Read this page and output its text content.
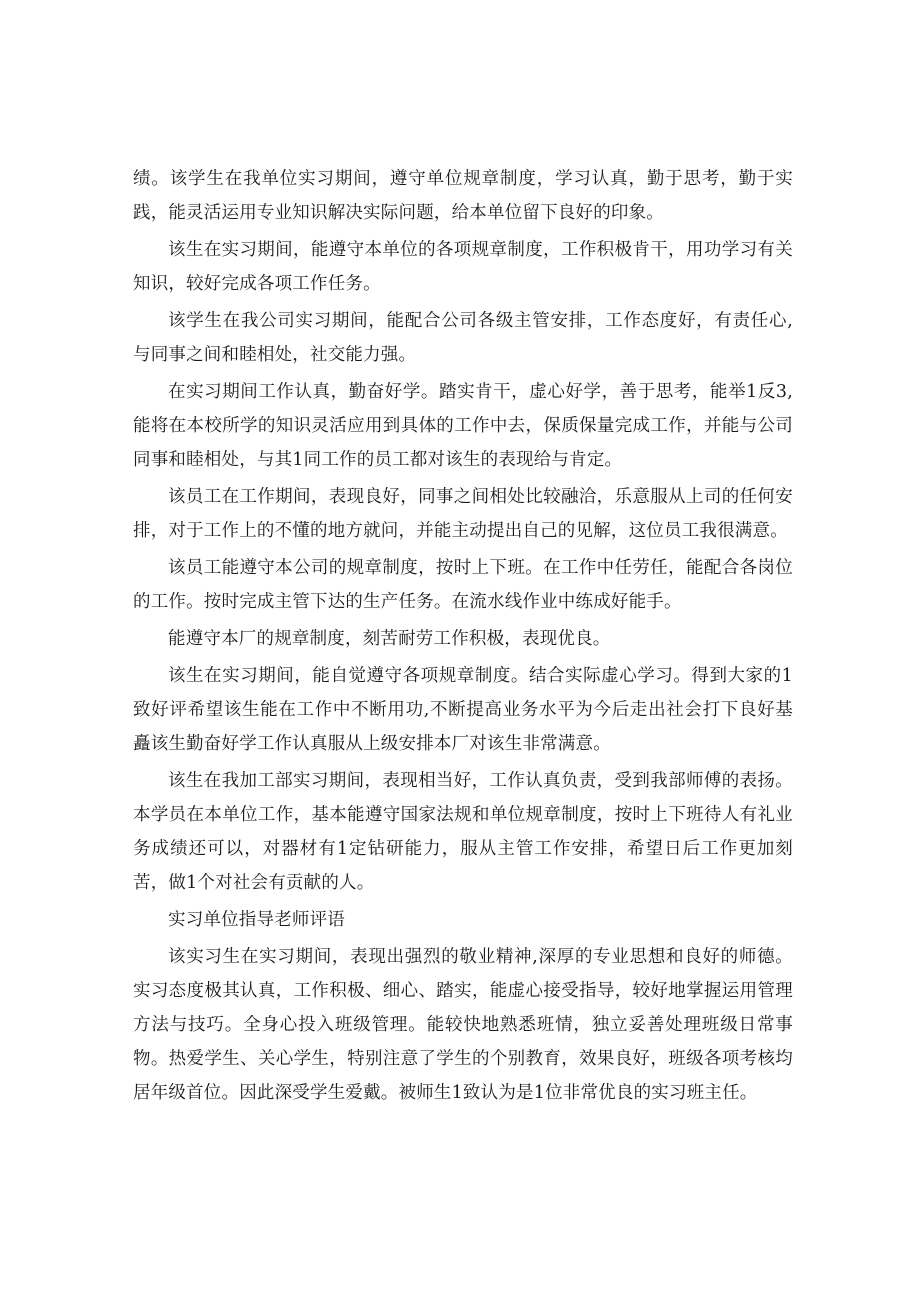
绩。该学生在我单位实习期间，遵守单位规章制度，学习认真，勤于思考，勤于实践，能灵活运用专业知识解决实际问题，给本单位留下良好的印象。

该生在实习期间，能遵守本单位的各项规章制度，工作积极肯干，用功学习有关知识，较好完成各项工作任务。

该学生在我公司实习期间，能配合公司各级主管安排，工作态度好，有责任心,与同事之间和睦相处，社交能力强。

在实习期间工作认真，勤奋好学。踏实肯干，虚心好学，善于思考，能举1反3,能将在本校所学的知识灵活应用到具体的工作中去，保质保量完成工作，并能与公司同事和睦相处，与其1同工作的员工都对该生的表现给与肯定。

该员工在工作期间，表现良好，同事之间相处比较融洽，乐意服从上司的任何安排，对于工作上的不懂的地方就问，并能主动提出自己的见解，这位员工我很满意。

该员工能遵守本公司的规章制度，按时上下班。在工作中任劳任，能配合各岗位的工作。按时完成主管下达的生产任务。在流水线作业中练成好能手。

能遵守本厂的规章制度，刻苦耐劳工作积极，表现优良。

该生在实习期间，能自觉遵守各项规章制度。结合实际虚心学习。得到大家的1致好评希望该生能在工作中不断用功,不断提高业务水平为今后走出社会打下良好基矗该生勤奋好学工作认真服从上级安排本厂对该生非常满意。

该生在我加工部实习期间，表现相当好，工作认真负责，受到我部师傅的表扬。本学员在本单位工作，基本能遵守国家法规和单位规章制度，按时上下班待人有礼业务成绩还可以，对器材有1定钻研能力，服从主管工作安排，希望日后工作更加刻苦，做1个对社会有贡献的人。

实习单位指导老师评语

该实习生在实习期间，表现出强烈的敬业精神,深厚的专业思想和良好的师德。实习态度极其认真，工作积极、细心、踏实，能虚心接受指导，较好地掌握运用管理方法与技巧。全身心投入班级管理。能较快地熟悉班情，独立妥善处理班级日常事物。热爱学生、关心学生，特别注意了学生的个别教育，效果良好，班级各项考核均居年级首位。因此深受学生爱戴。被师生1致认为是1位非常优良的实习班主任。
